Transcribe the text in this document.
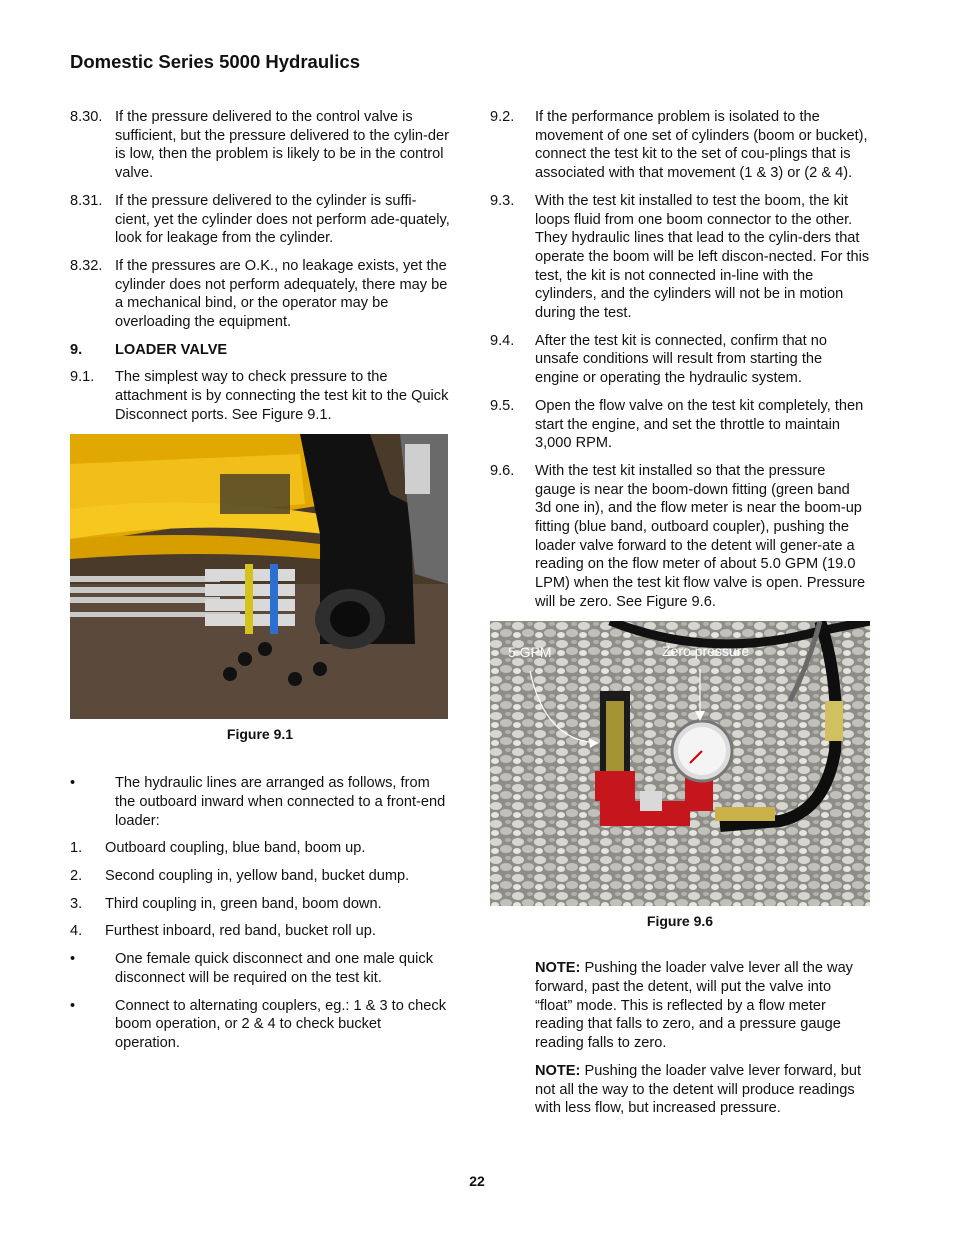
Domestic Series 5000 Hydraulics
8.30. If the pressure delivered to the control valve is sufficient, but the pressure delivered to the cylin-der is low, then the problem is likely to be in the control valve.
8.31. If the pressure delivered to the cylinder is suffi-cient, yet the cylinder does not perform ade-quately, look for leakage from the cylinder.
8.32. If the pressures are O.K., no leakage exists, yet the cylinder does not perform adequately, there may be a mechanical bind, or the operator may be overloading the equipment.
9.	LOADER VALVE
9.1.	The simplest way to check pressure to the attachment is by connecting the test kit to the Quick Disconnect ports. See Figure 9.1.
Figure 9.1
•	The hydraulic lines are arranged as follows, from the outboard inward when connected to a front-end loader:
1.	Outboard coupling, blue band, boom up.
2.	Second coupling in, yellow band, bucket dump.
3.	Third coupling in, green band, boom down.
4.	Furthest inboard, red band, bucket roll up.
•	One female quick disconnect and one male quick disconnect will be required on the test kit.
•	Connect to alternating couplers, eg.: 1 & 3 to check boom operation, or 2 & 4 to check bucket operation.
9.2.	If the performance problem is isolated to the movement of one set of cylinders (boom or bucket), connect the test kit to the set of cou-plings that is associated with that movement (1 & 3) or (2 & 4).
9.3.	With the test kit installed to test the boom, the kit loops fluid from one boom connector to the other. They hydraulic lines that lead to the cylin-ders that operate the boom will be left discon-nected. For this test, the kit is not connected in-line with the cylinders, and the cylinders will not be in motion during the test.
9.4.	After the test kit is connected, confirm that no unsafe conditions will result from starting the engine or operating the hydraulic system.
9.5.	Open the flow valve on the test kit completely, then start the engine, and set the throttle to maintain 3,000 RPM.
9.6.	With the test kit installed so that the pressure gauge is near the boom-down fitting (green band 3d one in), and the flow meter is near the boom-up fitting (blue band, outboard coupler), pushing the loader valve forward to the detent will gener-ate a reading on the flow meter of about 5.0 GPM (19.0 LPM) when the test kit flow valve is open. Pressure will be zero. See Figure 9.6.
5 GPM	Zero pressure
Figure 9.6
NOTE: Pushing the loader valve lever all the way forward, past the detent, will put the valve into “float” mode. This is reflected by a flow meter reading that falls to zero, and a pressure gauge reading falls to zero.
NOTE: Pushing the loader valve lever forward, but not all the way to the detent will produce readings with less flow, but increased pressure.
22
